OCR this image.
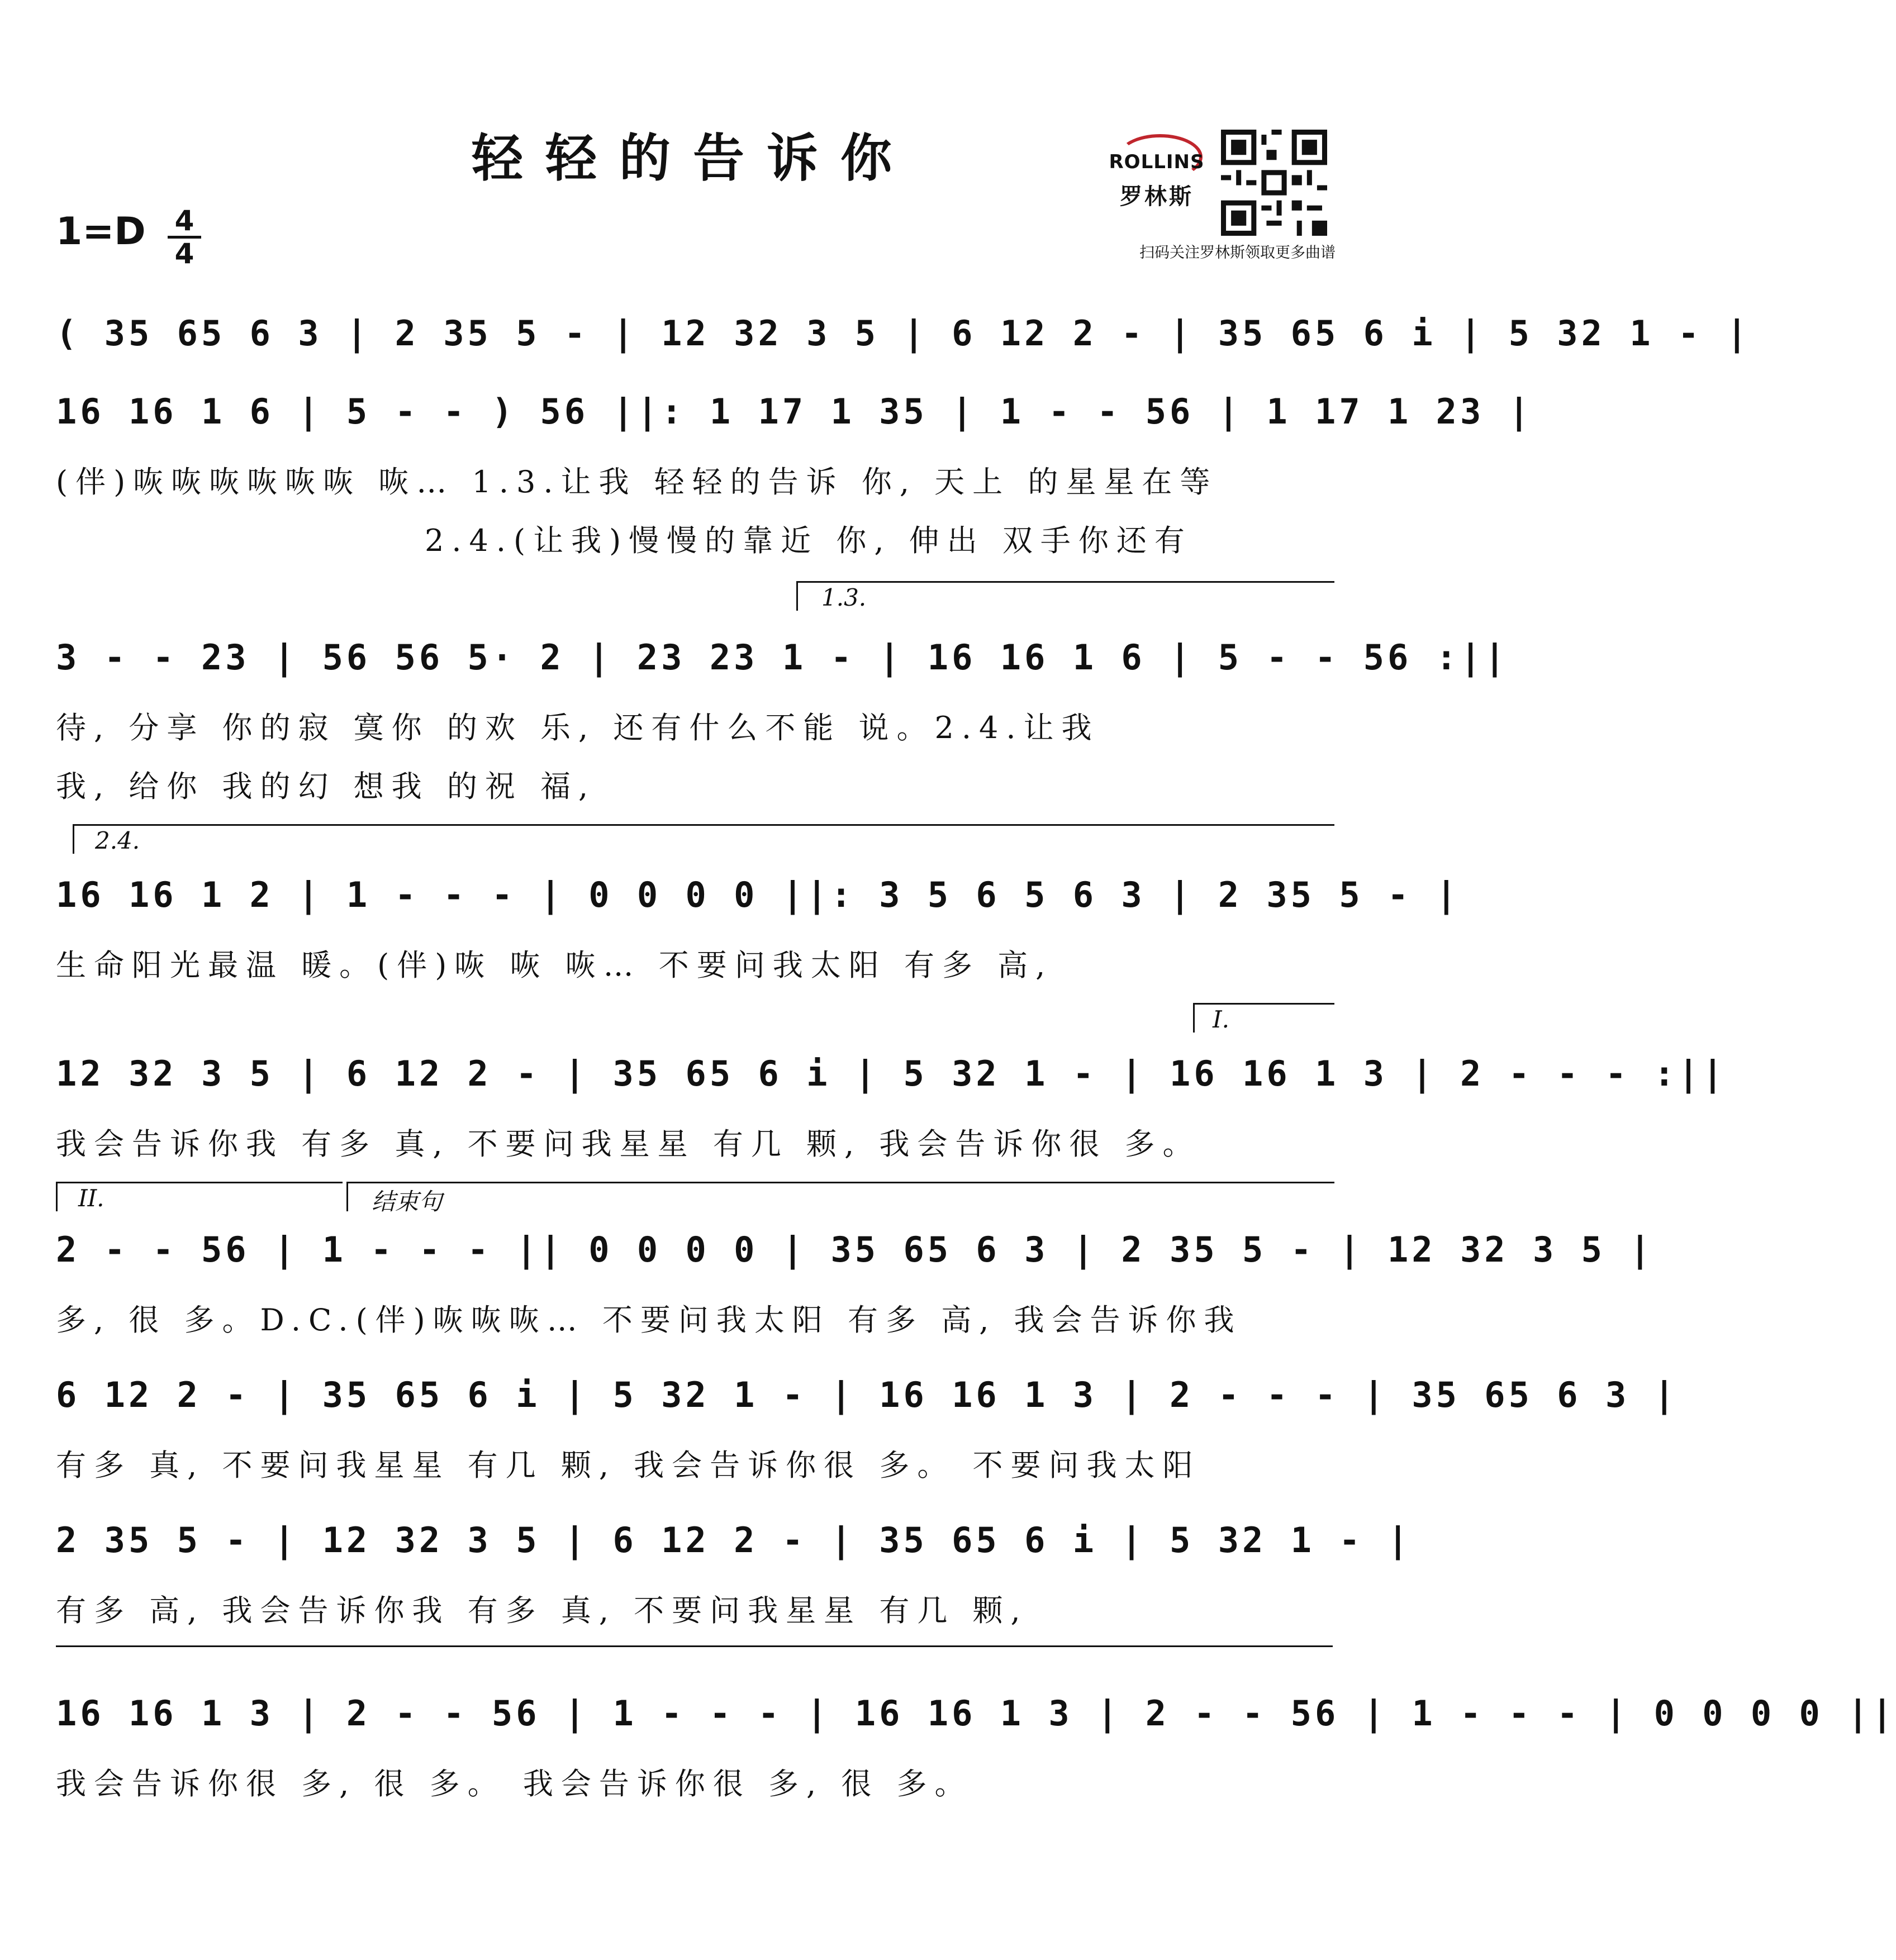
轻轻的告诉你
1=D 4
4
ROLLINS
罗林斯
扫码关注罗林斯领取更多曲谱
( 35 65 6 3 | 2 35 5 - | 12 32 3 5 | 6 12 2 - | 35 65 6 i | 5 32 1 - |
16 16 1 6 | 5 - - ) 56 ||: 1 17 1 35 | 1 - - 56 | 1 17 1 23 |
(伴)咴咴咴咴咴咴 咴… 1.3.让我 轻轻的告诉 你, 天上 的星星在等
2.4.(让我)慢慢的靠近 你, 伸出 双手你还有
1.3.
3 - - 23 | 56 56 5· 2 | 23 23 1 - | 16 16 1 6 | 5 - - 56 :||
待, 分享 你的寂 寞你 的欢 乐, 还有什么不能 说。2.4.让我
我, 给你 我的幻 想我 的祝 福,
2.4.
16 16 1 2 | 1 - - - | 0 0 0 0 ||: 3 5 6 5 6 3 | 2 35 5 - |
生命阳光最温 暖。(伴)咴 咴 咴… 不要问我太阳 有多 高,
I.
12 32 3 5 | 6 12 2 - | 35 65 6 i | 5 32 1 - | 16 16 1 3 | 2 - - - :||
我会告诉你我 有多 真, 不要问我星星 有几 颗, 我会告诉你很 多。
II.	结束句
2 - - 56 | 1 - - - || 0 0 0 0 | 35 65 6 3 | 2 35 5 - | 12 32 3 5 |
多, 很 多。D.C.(伴)咴咴咴… 不要问我太阳 有多 高, 我会告诉你我
6 12 2 - | 35 65 6 i | 5 32 1 - | 16 16 1 3 | 2 - - - | 35 65 6 3 |
有多 真, 不要问我星星 有几 颗, 我会告诉你很 多。 不要问我太阳
2 35 5 - | 12 32 3 5 | 6 12 2 - | 35 65 6 i | 5 32 1 - |
有多 高, 我会告诉你我 有多 真, 不要问我星星 有几 颗,
16 16 1 3 | 2 - - 56 | 1 - - - | 16 16 1 3 | 2 - - 56 | 1 - - - | 0 0 0 0 ||
我会告诉你很 多, 很 多。 我会告诉你很 多, 很 多。
